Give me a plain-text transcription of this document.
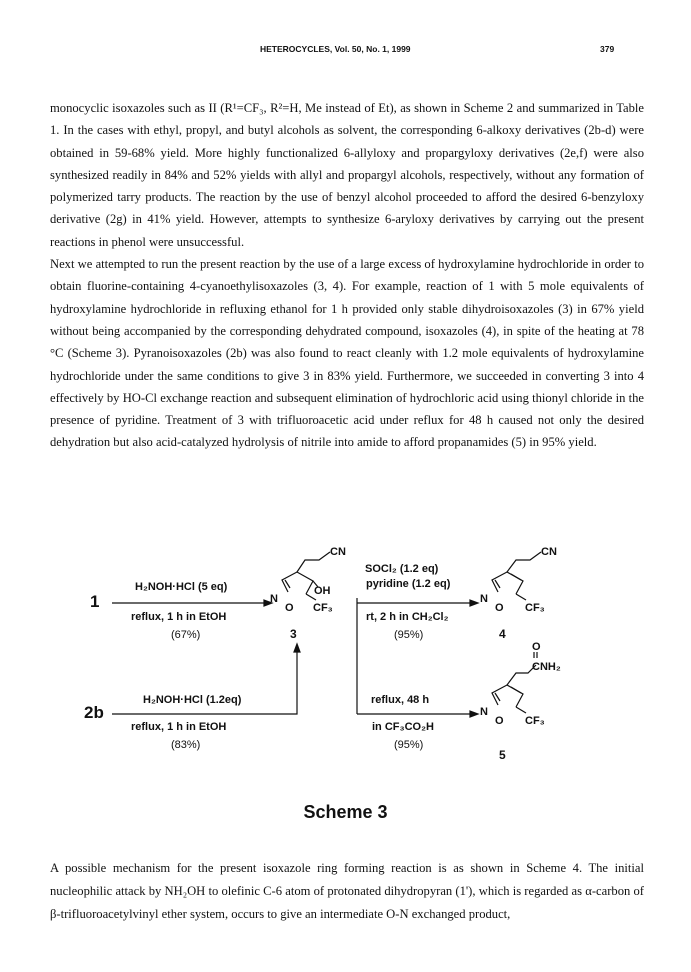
HETEROCYCLES, Vol. 50, No. 1, 1999	379

monocyclic isoxazoles such as II (R¹=CF₃, R²=H, Me instead of Et), as shown in Scheme 2 and summarized in Table 1. In the cases with ethyl, propyl, and butyl alcohols as solvent, the corresponding 6-alkoxy derivatives (2b-d) were obtained in 59-68% yield. More highly functionalized 6-allyloxy and propargyloxy derivatives (2e,f) were also synthesized readily in 84% and 52% yields with allyl and propargyl alcohols, respectively, without any formation of polymerized tarry products. The reaction by the use of benzyl alcohol proceeded to afford the desired 6-benzyloxy derivative (2g) in 41% yield. However, attempts to synthesize 6-aryloxy derivatives by carrying out the present reactions in phenol were unsuccessful.

Next we attempted to run the present reaction by the use of a large excess of hydroxylamine hydrochloride in order to obtain fluorine-containing 4-cyanoethylisoxazoles (3, 4). For example, reaction of 1 with 5 mole equivalents of hydroxylamine hydrochloride in refluxing ethanol for 1 h provided only stable dihydroisoxazoles (3) in 67% yield without being accompanied by the corresponding dehydrated compound, isoxazoles (4), in spite of the heating at 78 °C (Scheme 3). Pyranoisoxazoles (2b) was also found to react cleanly with 1.2 mole equivalents of hydroxylamine hydrochloride under the same conditions to give 3 in 83% yield. Furthermore, we succeeded in converting 3 into 4 effectively by HO-Cl exchange reaction and subsequent elimination of hydrochloric acid using thionyl chloride in the presence of pyridine. Treatment of 3 with trifluoroacetic acid under reflux for 48 h caused not only the desired dehydration but also acid-catalyzed hydrolysis of nitrile into amide to afford propanamides (5) in 95% yield.

1
2b
3	4
5
H₂NOH·HCl (5 eq)
reflux, 1 h in EtOH
(67%)
H₂NOH·HCl (1.2eq)
reflux, 1 h in EtOH
(83%)
SOCl₂ (1.2 eq)
pyridine (1.2 eq)
rt, 2 h in CH₂Cl₂
(95%)
reflux, 48 h
in CF₃CO₂H
(95%)
N
O
OH
CF₃
CN
N
O CF₃
CN
N
O CF₃
O
CNH₂
Scheme 3

A possible mechanism for the present isoxazole ring forming reaction is as shown in Scheme 4. The initial nucleophilic attack by NH₂OH to olefinic C-6 atom of protonated dihydropyran (1'), which is regarded as α-carbon of β-trifluoroacetylvinyl ether system, occurs to give an intermediate O-N exchanged product,
